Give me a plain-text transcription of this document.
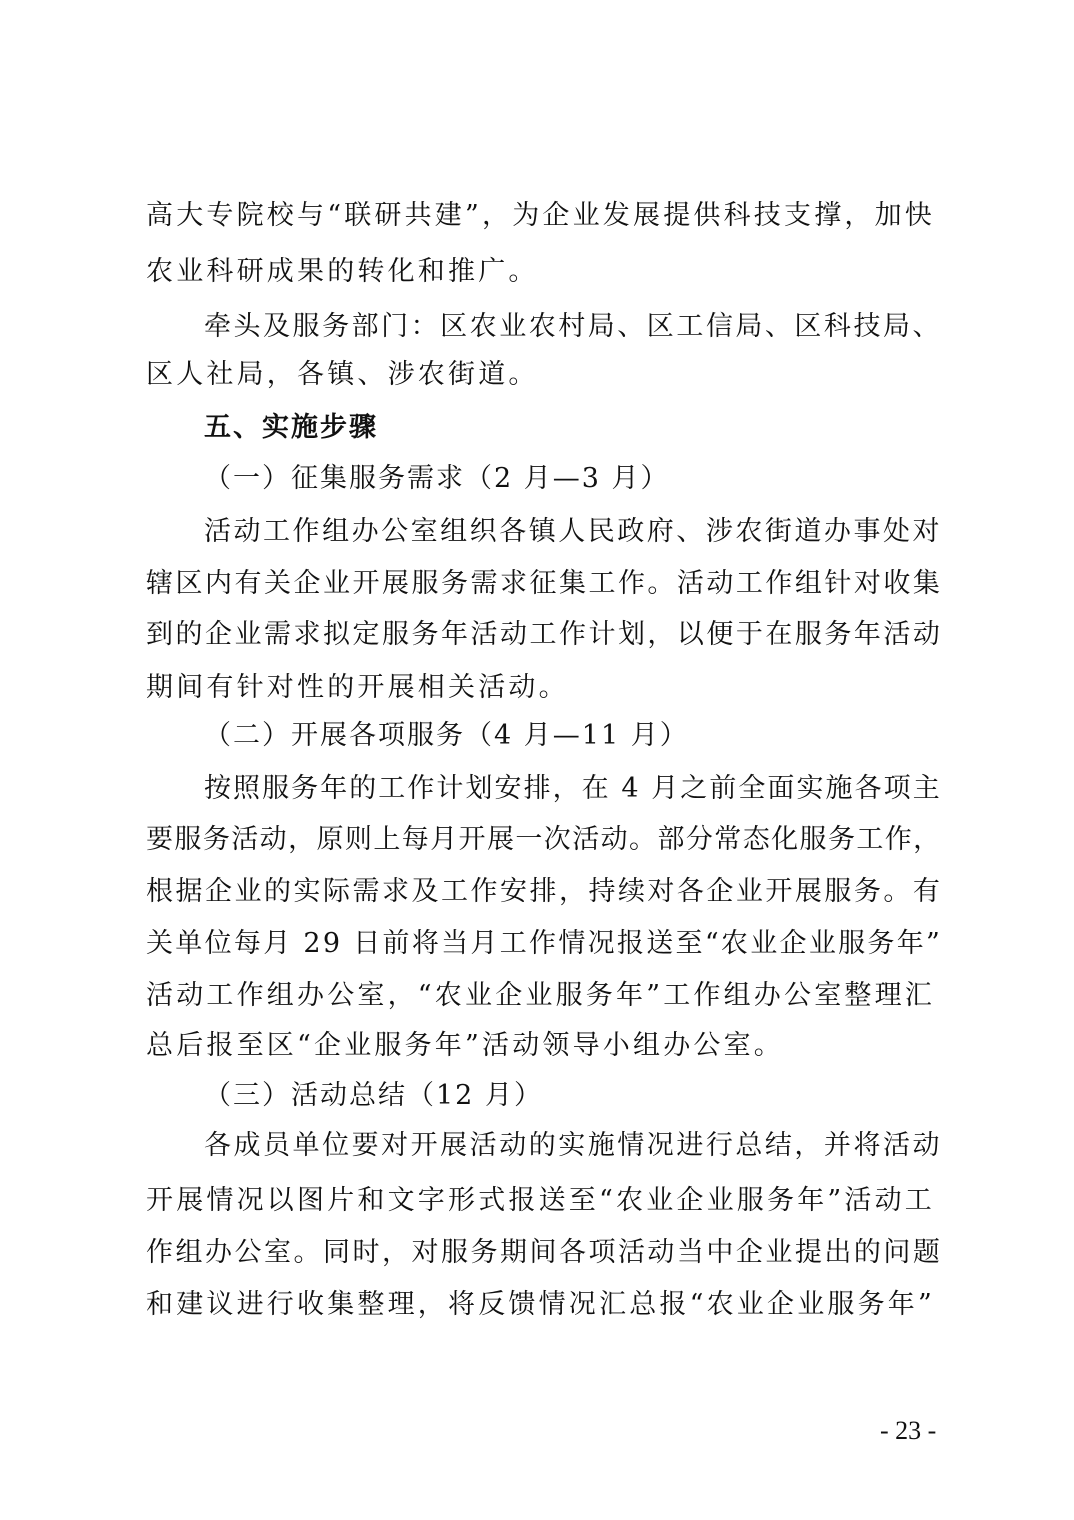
高大专院校与“联研共建”，为企业发展提供科技支撑，加快
农业科研成果的转化和推广。
牵头及服务部门：区农业农村局、区工信局、区科技局、
区人社局，各镇、涉农街道。
五、实施步骤
（一）征集服务需求（2 月—3 月）
活动工作组办公室组织各镇人民政府、涉农街道办事处对
辖区内有关企业开展服务需求征集工作。活动工作组针对收集
到的企业需求拟定服务年活动工作计划，以便于在服务年活动
期间有针对性的开展相关活动。
（二）开展各项服务（4 月—11 月）
按照服务年的工作计划安排，在 4 月之前全面实施各项主
要服务活动，原则上每月开展一次活动。部分常态化服务工作，
根据企业的实际需求及工作安排，持续对各企业开展服务。有
关单位每月 29 日前将当月工作情况报送至“农业企业服务年”
活动工作组办公室，“农业企业服务年”工作组办公室整理汇
总后报至区“企业服务年”活动领导小组办公室。
（三）活动总结（12 月）
各成员单位要对开展活动的实施情况进行总结，并将活动
开展情况以图片和文字形式报送至“农业企业服务年”活动工
作组办公室。同时，对服务期间各项活动当中企业提出的问题
和建议进行收集整理，将反馈情况汇总报“农业企业服务年”
- 23 -
